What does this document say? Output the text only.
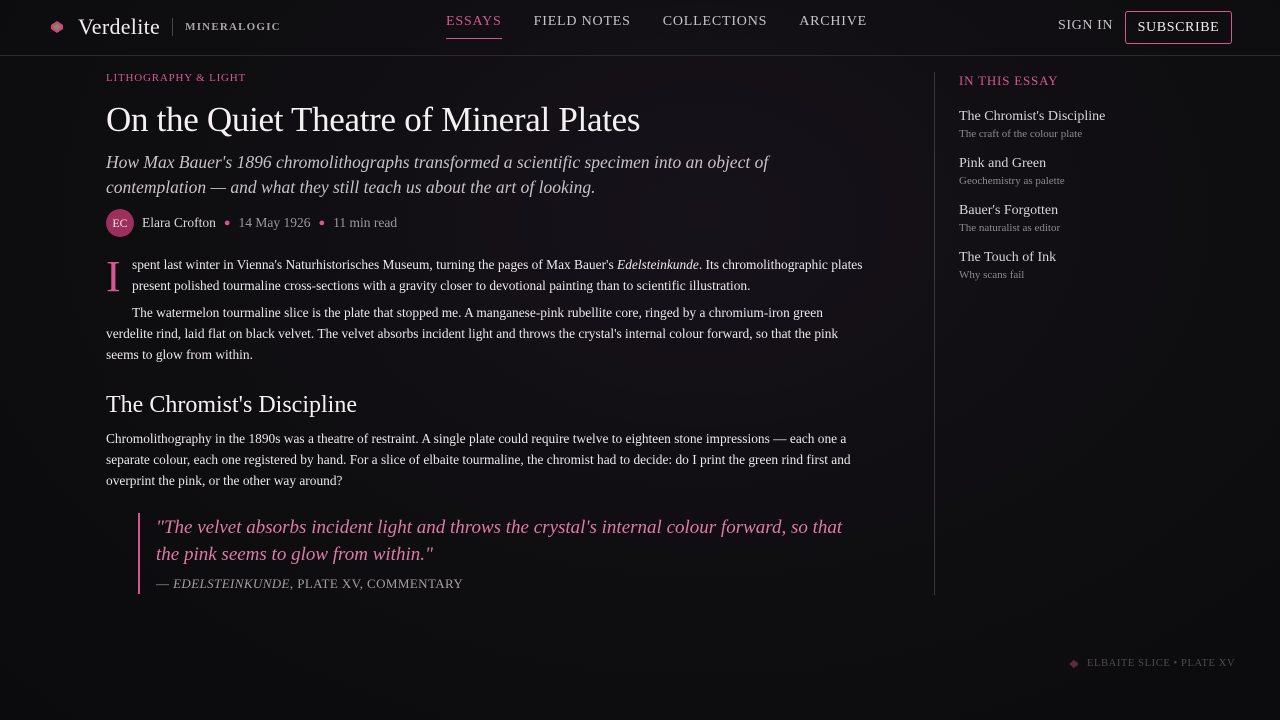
Verdelite MINERALOGIC	ESSAYS FIELD NOTES COLLECTIONS ARCHIVE	SIGN IN	SUBSCRIBE
LITHOGRAPHY & LIGHT
On the Quiet Theatre of Mineral Plates

How Max Bauer's 1896 chromolithographs transformed a scientific specimen into an object of contemplation — and what they still teach us about the art of looking.

EC	Elara Crofton ● 14 May 1926 ● 11 min read

I spent last winter in Vienna's Naturhistorisches Museum, turning the pages of Max Bauer's Edelsteinkunde. Its chromolithographic plates present polished tourmaline cross-sections with a gravity closer to devotional painting than to scientific illustration.

The watermelon tourmaline slice is the plate that stopped me. A manganese-pink rubellite core, ringed by a chromium-iron green verdelite rind, laid flat on black velvet. The velvet absorbs incident light and throws the crystal's internal colour forward, so that the pink seems to glow from within.

The Chromist's Discipline

Chromolithography in the 1890s was a theatre of restraint. A single plate could require twelve to eighteen stone impressions — each one a separate colour, each one registered by hand. For a slice of elbaite tourmaline, the chromist had to decide: do I print the green rind first and overprint the pink, or the other way around?

"The velvet absorbs incident light and throws the crystal's internal colour forward, so that the pink seems to glow from within."
— EDELSTEINKUNDE, PLATE XV, COMMENTARY
IN THIS ESSAY
The Chromist's Discipline
The craft of the colour plate
Pink and Green
Geochemistry as palette
Bauer's Forgotten
The naturalist as editor
The Touch of Ink
Why scans fail
ELBAITE SLICE • PLATE XV
